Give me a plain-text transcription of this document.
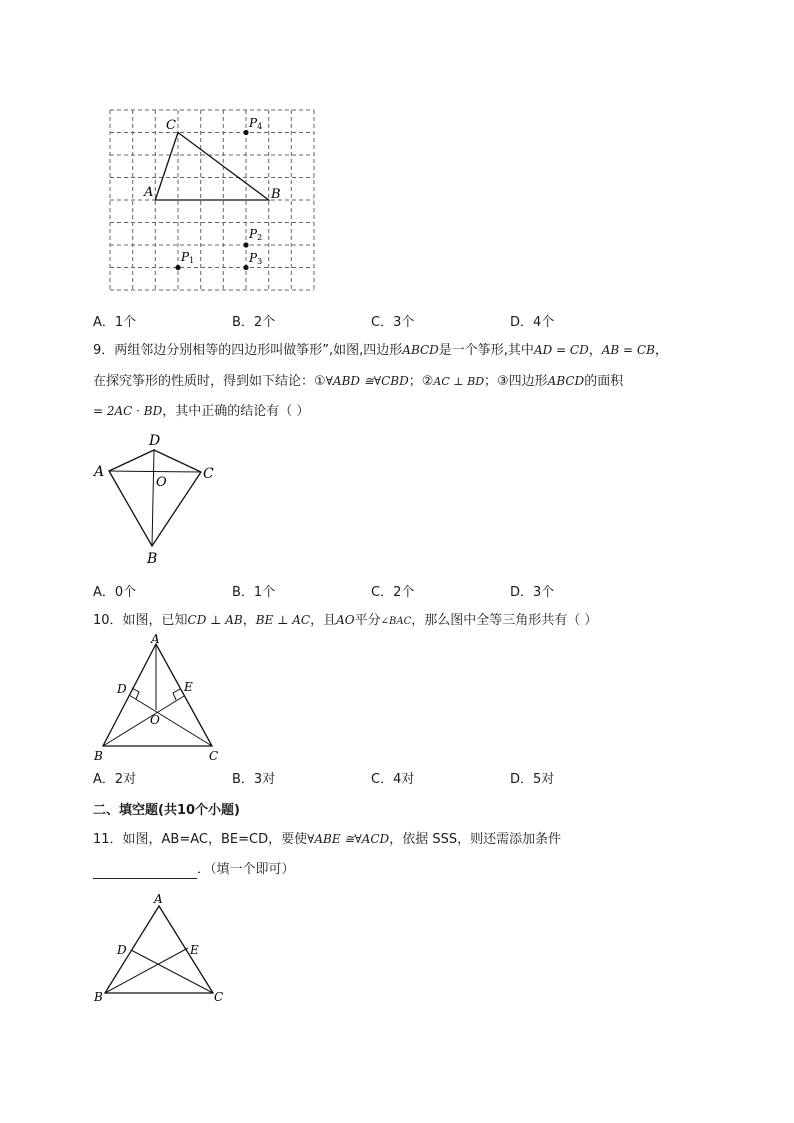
C
A	B
P4
P2
P1	P3
A．1个	B．2个	C．3个	D．4个
9．两组邻边分别相等的四边形叫做筝形”,如图,四边形ABCD是一个筝形,其中AD = CD，AB = CB，
在探究筝形的性质时，得到如下结论：①∀ABD ≅∀CBD；②AC ⊥ BD；③四边形ABCD的面积
= 2AC · BD，其中正确的结论有（ ）
D
A	C
O
B
A．0个	B．1个	C．2个	D．3个
10．如图，已知CD ⊥ AB，BE ⊥ AC，且AO平分∠BAC，那么图中全等三角形共有（ ）
A
D	E
O
B	C
A．2对	B．3对	C．4对	D．5对
二、填空题(共10个小题)
11．如图，AB=AC，BE=CD，要使∀ABE ≅∀ACD，依据 SSS，则还需添加条件
．（填一个即可）
A
D	E
B	C
